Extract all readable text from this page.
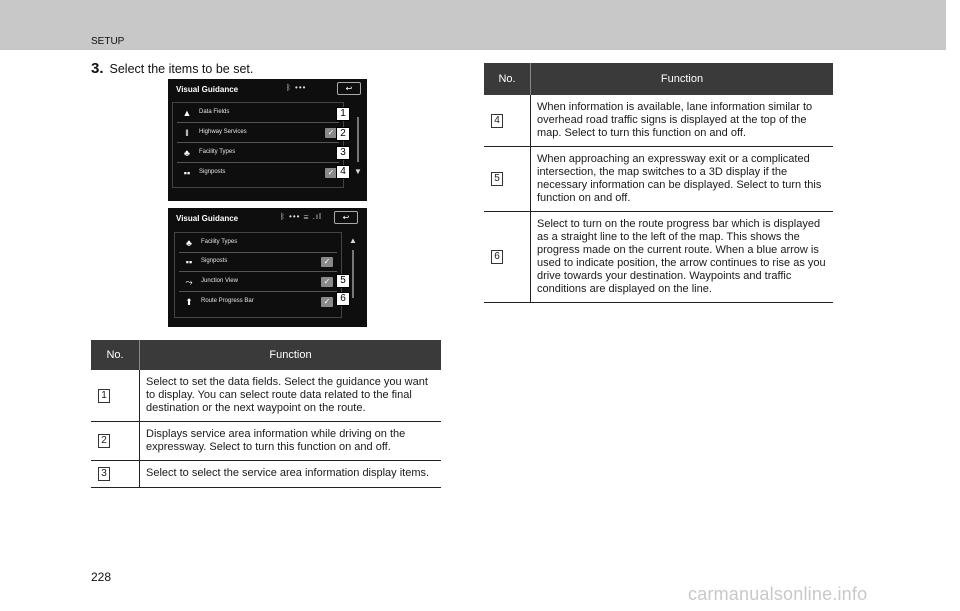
SETUP
3. Select the items to be set.
Visual Guidance	ᛒ •••	↩
▲ Data Fields
‖	Highway Services	✓
♣	Facility Types
▪▪	Signposts	✓
1
2
3
4	▼
Visual Guidance	ᛒ ••• ☰ .ıl	↩
♣	Facility Types
▪▪	Signposts	✓
⤳	Junction View	✓
⬆	Route Progress Bar	✓
5
6
▲
No.	Function
1	Select to set the data fields. Select the guidance you want to display. You can select route data related to the final destination or the next waypoint on the route.
2	Displays service area information while driving on the expressway. Select to turn this function on and off.
3	Select to select the service area information display items.
No.	Function
4	When information is available, lane information similar to overhead road traffic signs is displayed at the top of the map. Select to turn this function on and off.
5	When approaching an expressway exit or a complicated intersection, the map switches to a 3D display if the necessary information can be displayed. Select to turn this function on and off.
6	Select to turn on the route progress bar which is displayed as a straight line to the left of the map. This shows the progress made on the current route. When a blue arrow is used to indicate position, the arrow continues to rise as you drive towards your destination. Waypoints and traffic conditions are displayed on the line.
228
carmanualsonline.info
